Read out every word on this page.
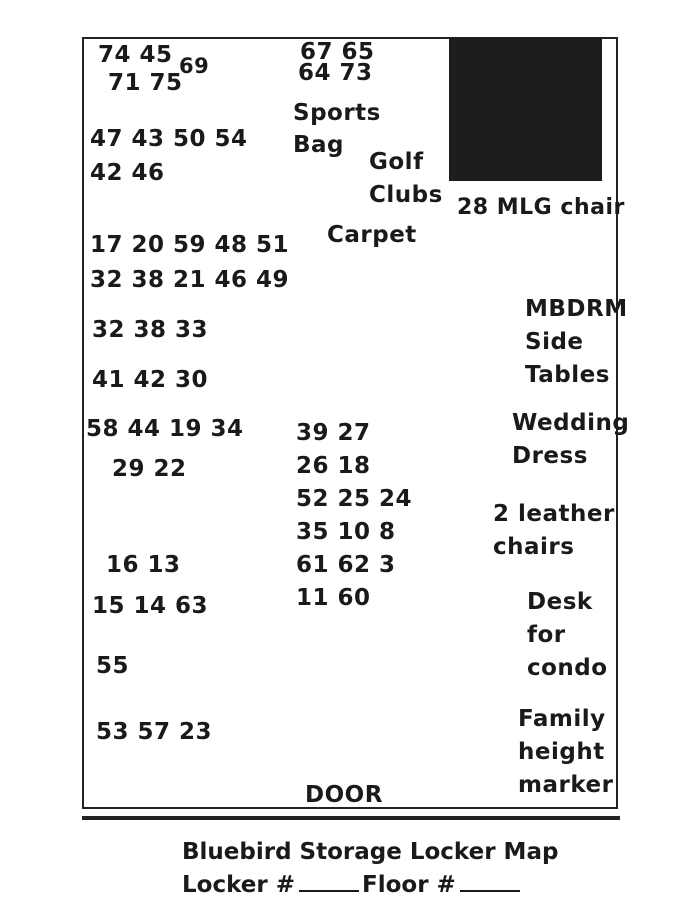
74 45 69
71 75
47 43 50 54
42 46
17 20 59 48 51
32 38 21 46 49
32 38 33
41 42 30
58 44 19 34
29 22
16 13
15 14 63
55
53 57 23
67 65
64 73
Sports
Bag
Golf
Clubs
Carpet
39 27
26 18
52 25 24
35 10 8
61 62 3
11 60
DOOR
28 MLG chair
MBDRM
Side
Tables
Wedding
Dress
2 leather
chairs
Desk
for
condo
Family
height
marker
Bluebird Storage Locker Map
Locker #	Floor #
